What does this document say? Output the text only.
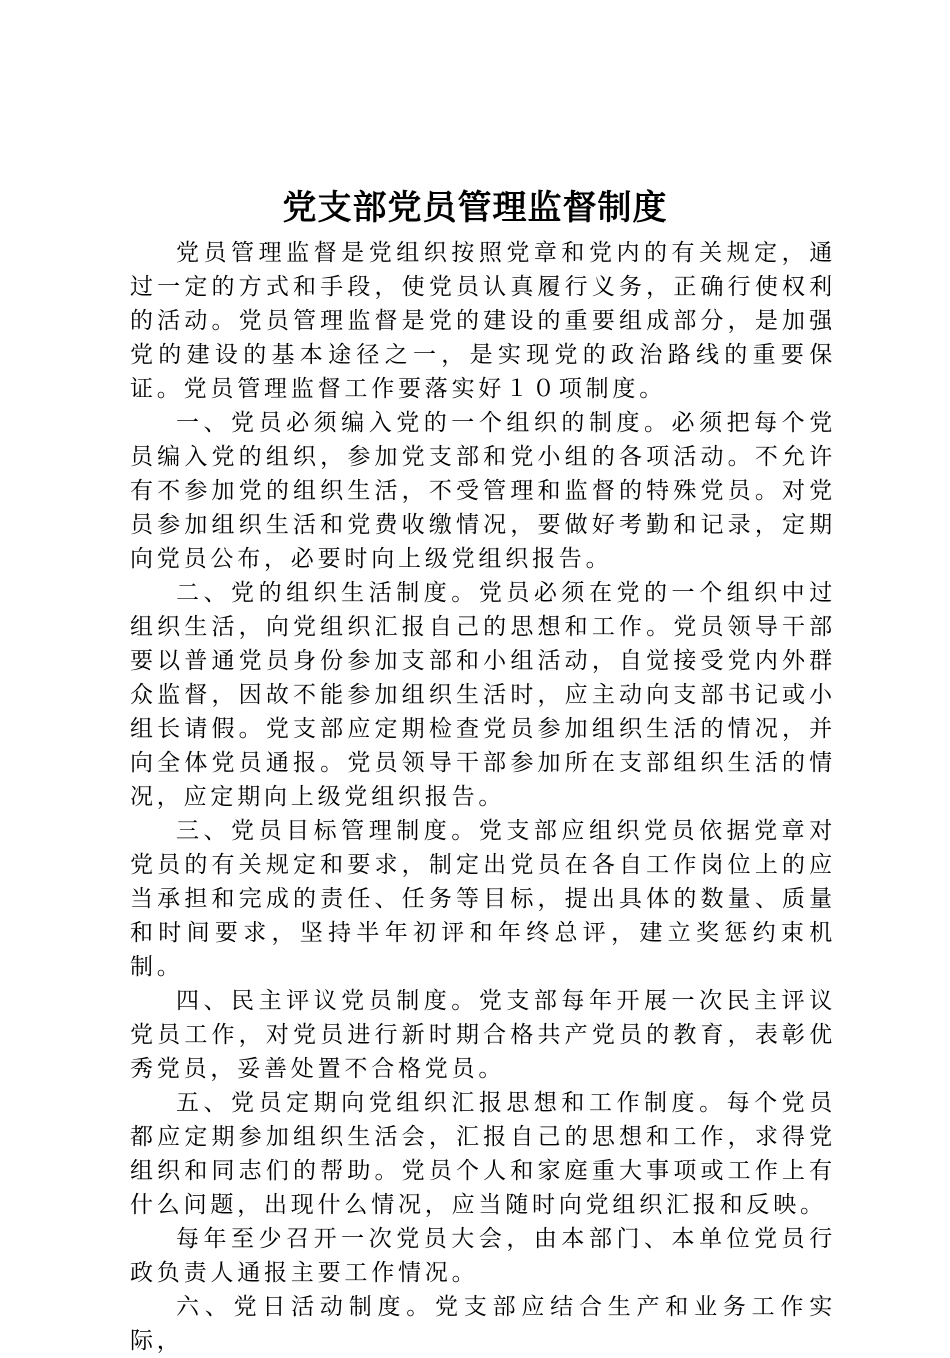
党支部党员管理监督制度

党员管理监督是党组织按照党章和党内的有关规定，通过一定的方式和手段，使党员认真履行义务，正确行使权利的活动。党员管理监督是党的建设的重要组成部分，是加强党的建设的基本途径之一，是实现党的政治路线的重要保证。党员管理监督工作要落实好１０项制度。

一、党员必须编入党的一个组织的制度。必须把每个党员编入党的组织，参加党支部和党小组的各项活动。不允许有不参加党的组织生活，不受管理和监督的特殊党员。对党员参加组织生活和党费收缴情况，要做好考勤和记录，定期向党员公布，必要时向上级党组织报告。

二、党的组织生活制度。党员必须在党的一个组织中过组织生活，向党组织汇报自己的思想和工作。党员领导干部要以普通党员身份参加支部和小组活动，自觉接受党内外群众监督，因故不能参加组织生活时，应主动向支部书记或小组长请假。党支部应定期检查党员参加组织生活的情况，并向全体党员通报。党员领导干部参加所在支部组织生活的情况，应定期向上级党组织报告。

三、党员目标管理制度。党支部应组织党员依据党章对党员的有关规定和要求，制定出党员在各自工作岗位上的应当承担和完成的责任、任务等目标，提出具体的数量、质量和时间要求，坚持半年初评和年终总评，建立奖惩约束机制。

四、民主评议党员制度。党支部每年开展一次民主评议党员工作，对党员进行新时期合格共产党员的教育，表彰优秀党员，妥善处置不合格党员。

五、党员定期向党组织汇报思想和工作制度。每个党员都应定期参加组织生活会，汇报自己的思想和工作，求得党组织和同志们的帮助。党员个人和家庭重大事项或工作上有什么问题，出现什么情况，应当随时向党组织汇报和反映。

每年至少召开一次党员大会，由本部门、本单位党员行政负责人通报主要工作情况。

六、党日活动制度。党支部应结合生产和业务工作实际，
